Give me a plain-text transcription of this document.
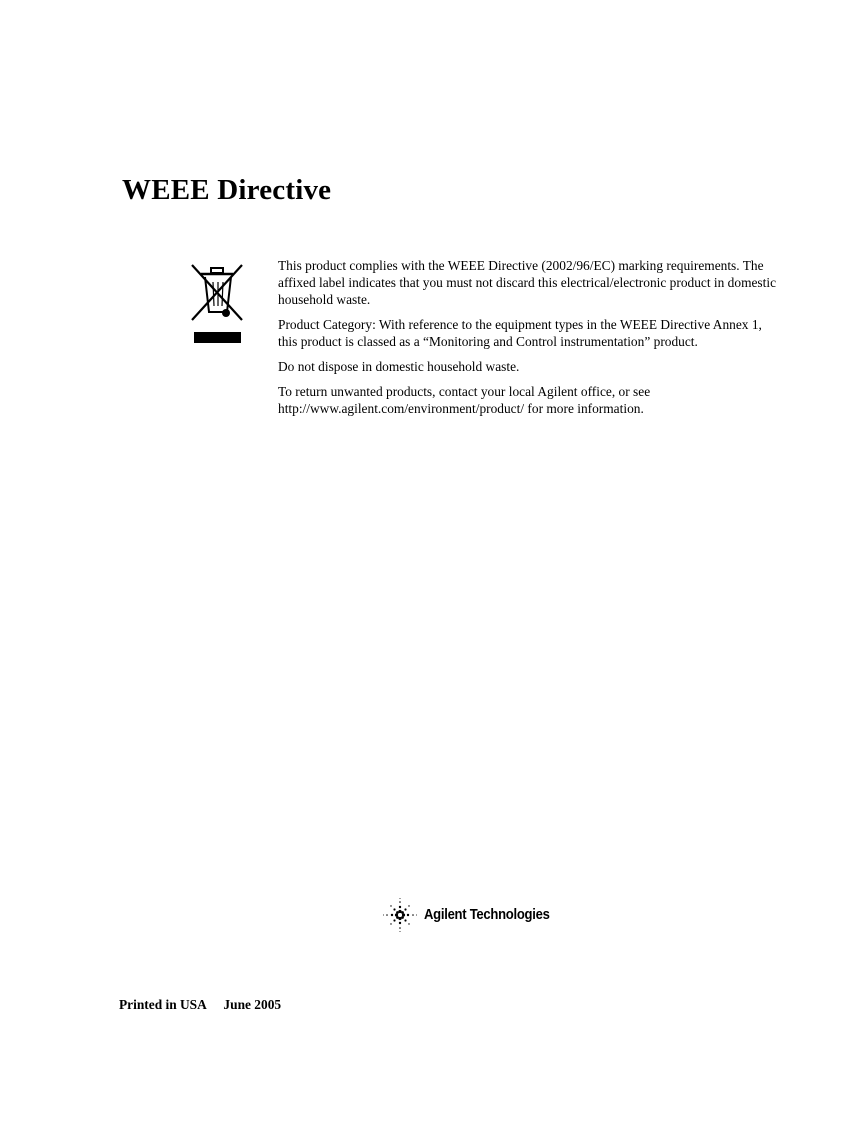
WEEE Directive

This product complies with the WEEE Directive (2002/96/EC) marking requirements. The affixed label indicates that you must not discard this electrical/electronic product in domestic household waste.

Product Category: With reference to the equipment types in the WEEE Directive Annex 1, this product is classed as a “Monitoring and Control instrumentation” product.

Do not dispose in domestic household waste.

To return unwanted products, contact your local Agilent office, or see http://www.agilent.com/environment/product/ for more information.

Agilent Technologies
Printed in USA June 2005
